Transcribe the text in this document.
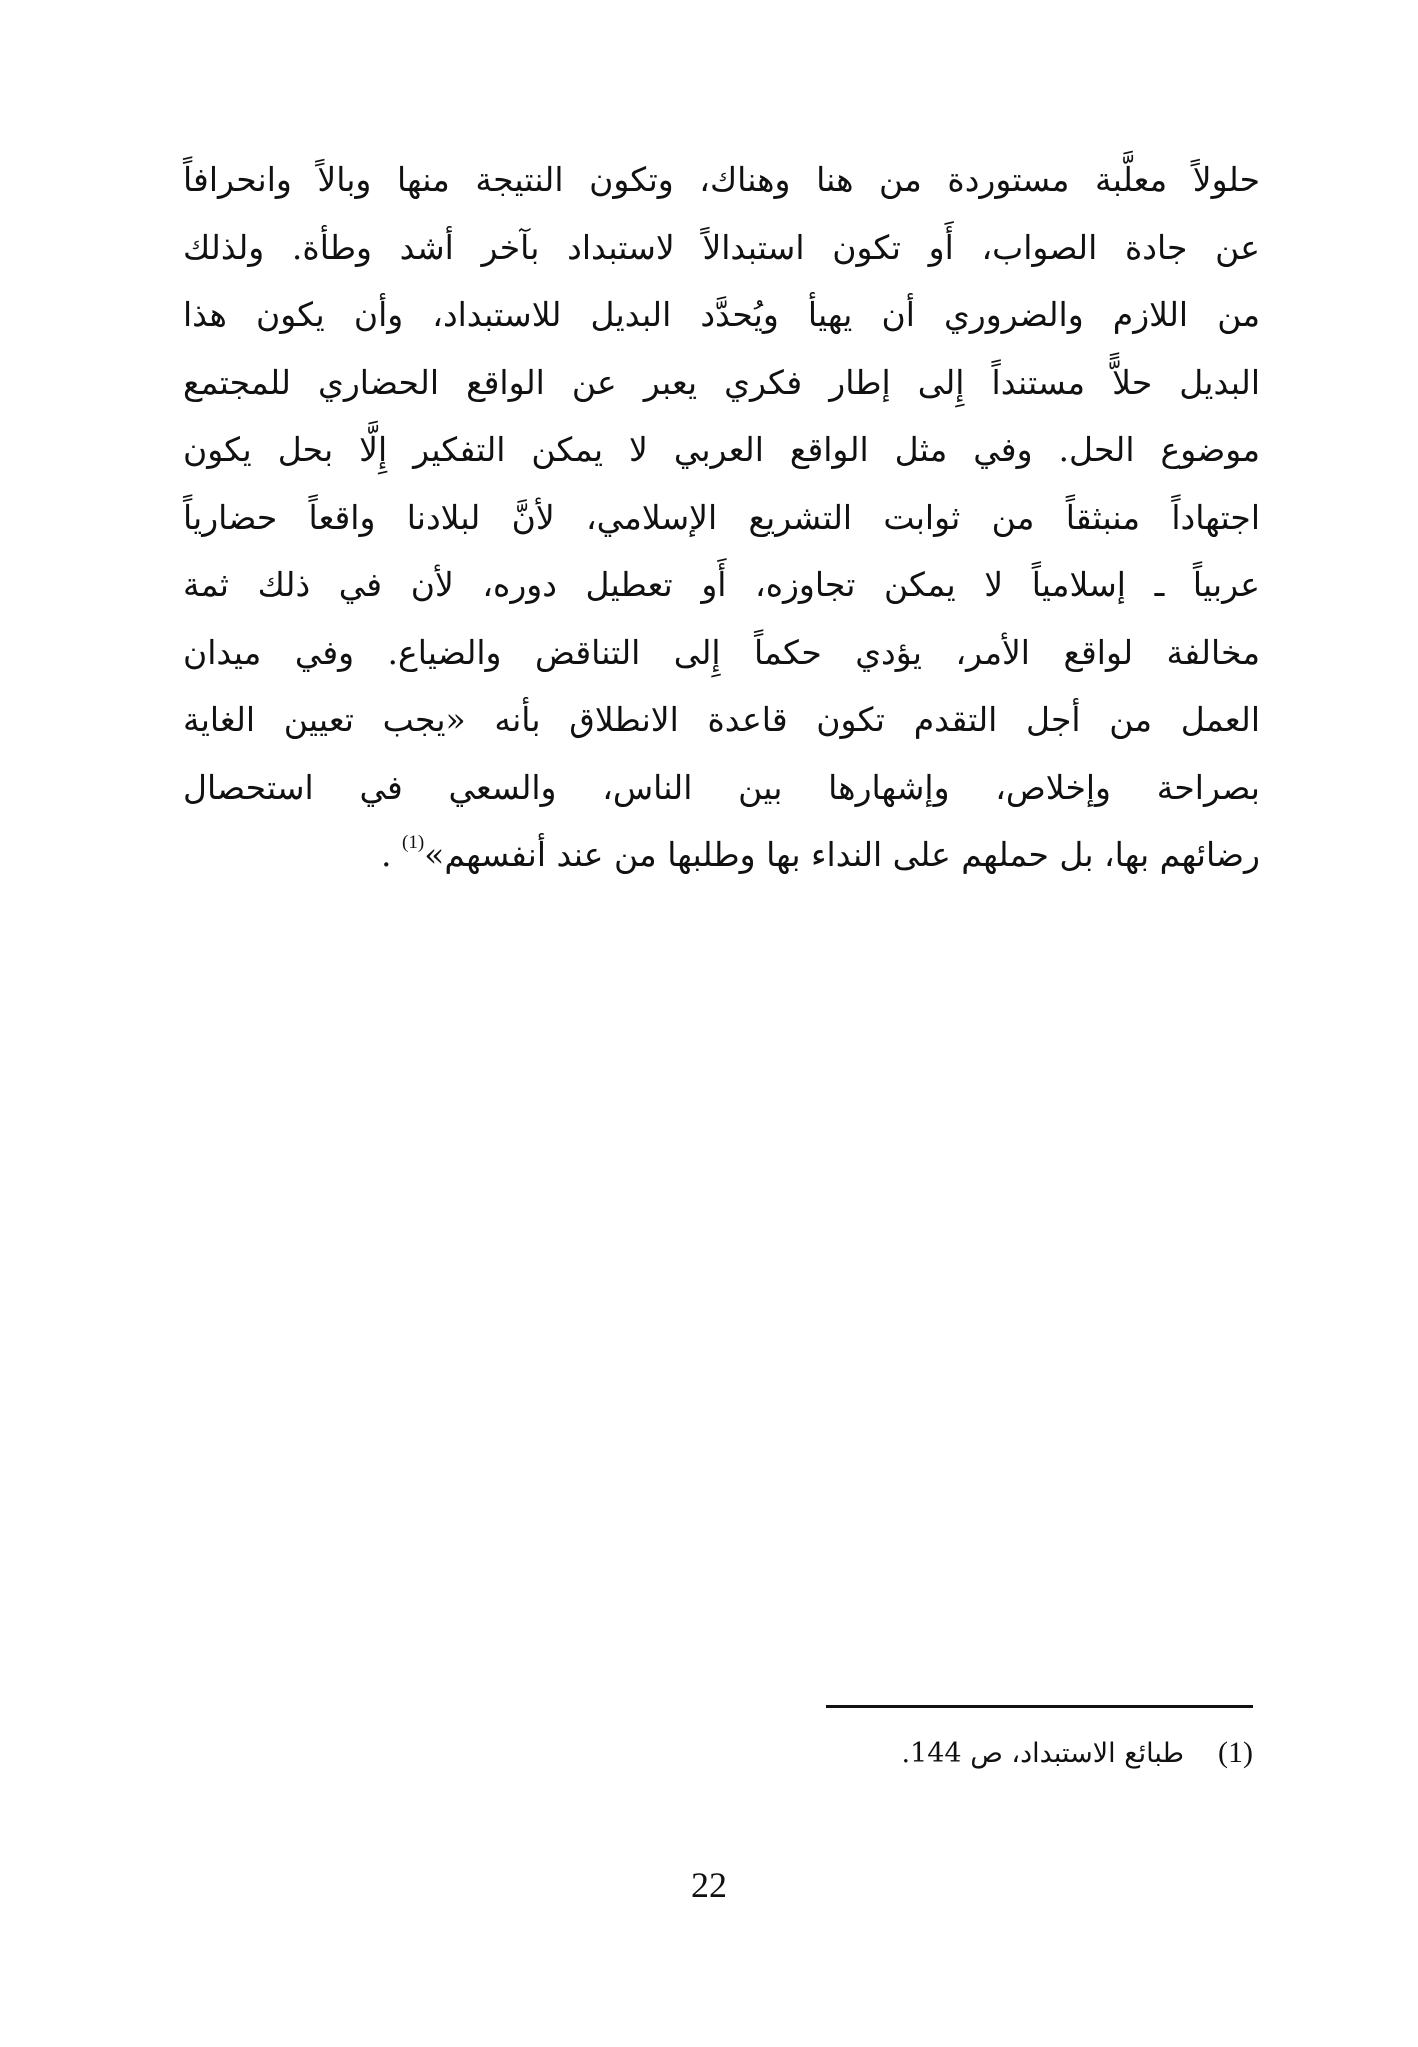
حلولاً معلَّبة مستوردة من هنا وهناك، وتكون النتيجة منها وبالاً وانحرافاً
عن جادة الصواب، أَو تكون استبدالاً لاستبداد بآخر أشد وطأة. ولذلك
من اللازم والضروري أن يهيأ ويُحدَّد البديل للاستبداد، وأن يكون هذا
البديل حلاًّ مستنداً إِلى إطار فكري يعبر عن الواقع الحضاري للمجتمع
موضوع الحل. وفي مثل الواقع العربي لا يمكن التفكير إِلَّا بحل يكون
اجتهاداً منبثقاً من ثوابت التشريع الإسلامي، لأنَّ لبلادنا واقعاً حضارياً
عربياً ـ إسلامياً لا يمكن تجاوزه، أَو تعطيل دوره، لأن في ذلك ثمة
مخالفة لواقع الأمر، يؤدي حكماً إِلى التناقض والضياع. وفي ميدان
العمل من أجل التقدم تكون قاعدة الانطلاق بأنه «يجب تعيين الغاية
بصراحة وإخلاص، وإشهارها بين الناس، والسعي في استحصال
رضائهم بها، بل حملهم على النداء بها وطلبها من عند أنفسهم»$^{(1)}$ .
(1)طبائع الاستبداد، ص 144.
22
